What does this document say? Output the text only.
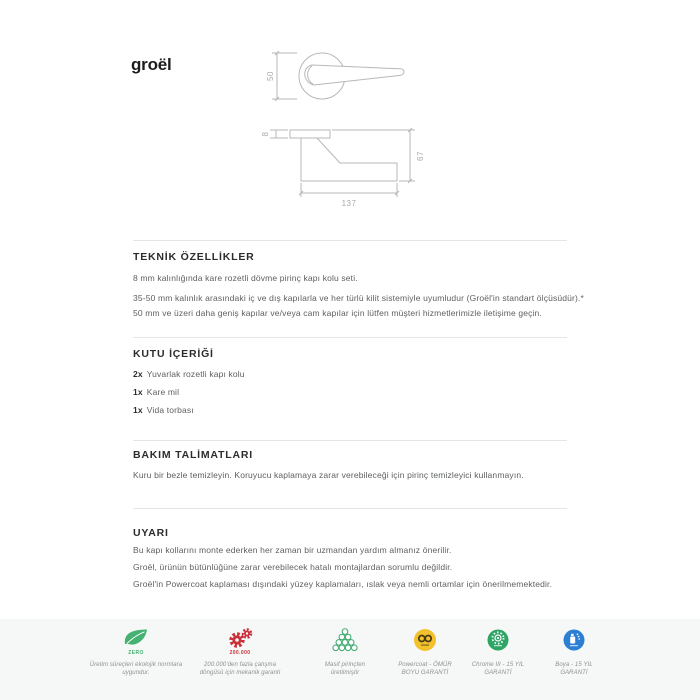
groël
50
8
67
137
TEKNİK ÖZELLİKLER
8 mm kalınlığında kare rozetli dövme pirinç kapı kolu seti.
35-50 mm kalınlık arasındaki iç ve dış kapılarla ve her türlü kilit sistemiyle uyumludur (Groël'in standart ölçüsüdür).*
50 mm ve üzeri daha geniş kapılar ve/veya cam kapılar için lütfen müşteri hizmetlerimizle iletişime geçin.
KUTU İÇERİĞİ
2x Yuvarlak rozetli kapı kolu
1x Kare mil
1x Vida torbası
BAKIM TALİMATLARI
Kuru bir bezle temizleyin. Koruyucu kaplamaya zarar verebileceği için pirinç temizleyici kullanmayın.
UYARI
Bu kapı kollarını monte ederken her zaman bir uzmandan yardım almanız önerilir.
Groël, ürünün bütünlüğüne zarar verebilecek hatalı montajlardan sorumlu değildir.
Groël'in Powercoat kaplaması dışındaki yüzey kaplamaları, ıslak veya nemli ortamlar için önerilmemektedir.
ZERO
Üretim süreçleri ekolojik normlara uygundur.
200.000
200.000'den fazla çalışma döngüsü için mekanik garanti
Masif pirinçten üretilmiştir
Powercoat - ÖMÜR BOYU GARANTİ
Chrome III - 15 YIL GARANTİ
Boya - 15 YIL GARANTİ
